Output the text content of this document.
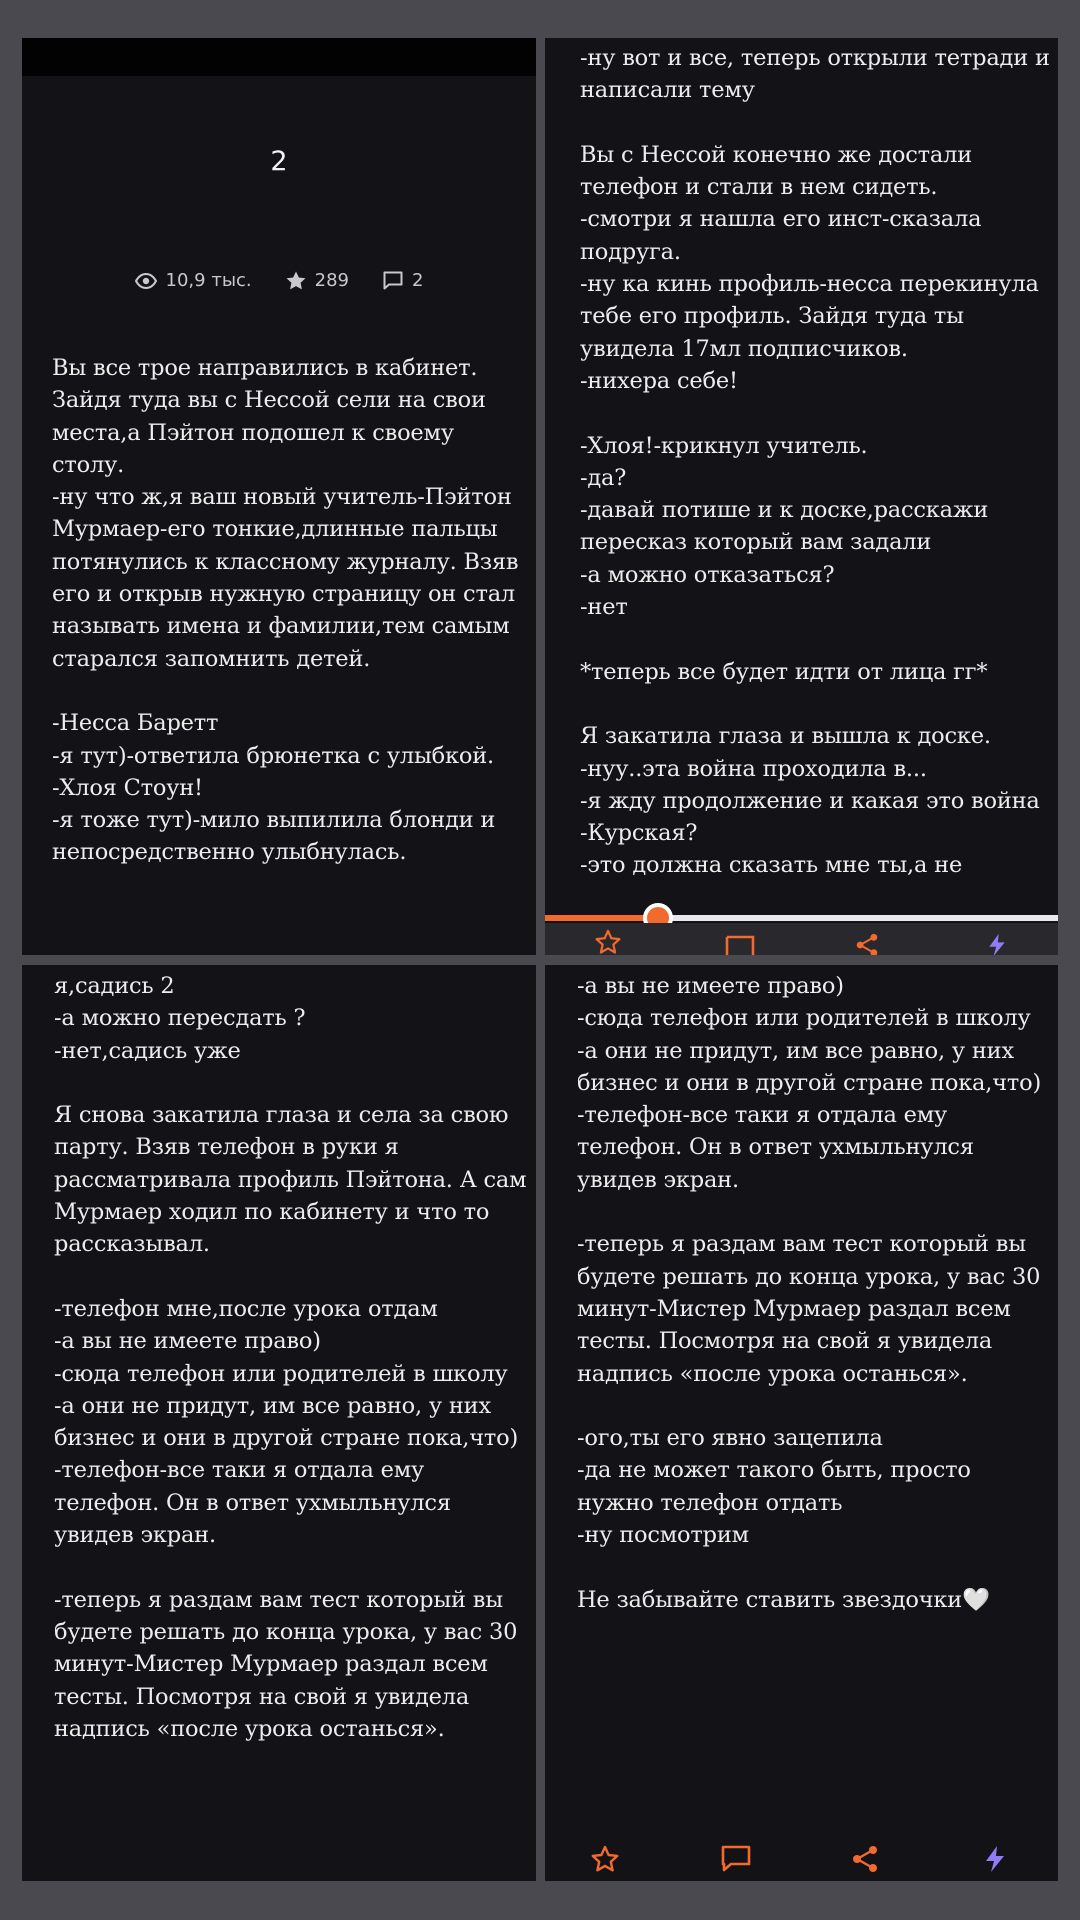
2
10,9 тыс.	289	2

Вы все трое направились в кабинет. Зайдя туда вы с Нессой сели на свои места,а Пэйтон подошел к своему столу.
-ну что ж,я ваш новый учитель-Пэйтон Мурмаер-его тонкие,длинные пальцы потянулись к классному журналу. Взяв его и открыв нужную страницу он стал называть имена и фамилии,тем самым старался запомнить детей.

-Несса Баретт
-я тут)-ответила брюнетка с улыбкой.
-Хлоя Стоун!
-я тоже тут)-мило выпилила блонди и непосредственно улыбнулась.

-ну вот и все, теперь открыли тетради и написали тему

Вы с Нессой конечно же достали телефон и стали в нем сидеть.
-смотри я нашла его инст-сказала подруга.
-ну ка кинь профиль-несса перекинула тебе его профиль. Зайдя туда ты увидела 17мл подписчиков.
-нихера себе!

-Хлоя!-крикнул учитель.
-да?
-давай потише и к доске,расскажи пересказ который вам задали
-а можно отказаться?
-нет

*теперь все будет идти от лица гг*

Я закатила глаза и вышла к доске.
-нуу..эта война проходила в...
-я жду продолжение и какая это война
-Курская?
-это должна сказать мне ты,а не

я,садись 2
-а можно пересдать ?
-нет,садись уже

Я снова закатила глаза и села за свою парту. Взяв телефон в руки я рассматривала профиль Пэйтона. А сам Мурмаер ходил по кабинету и что то рассказывал.

-телефон мне,после урока отдам
-а вы не имеете право)
-сюда телефон или родителей в школу
-а они не придут, им все равно, у них бизнес и они в другой стране пока,что)
-телефон-все таки я отдала ему телефон. Он в ответ ухмыльнулся увидев экран.

-теперь я раздам вам тест который вы будете решать до конца урока, у вас 30 минут-Мистер Мурмаер раздал всем тесты. Посмотря на свой я увидела надпись «после урока останься».

-а вы не имеете право)
-сюда телефон или родителей в школу
-а они не придут, им все равно, у них бизнес и они в другой стране пока,что)
-телефон-все таки я отдала ему телефон. Он в ответ ухмыльнулся увидев экран.

-теперь я раздам вам тест который вы будете решать до конца урока, у вас 30 минут-Мистер Мурмаер раздал всем тесты. Посмотря на свой я увидела надпись «после урока останься».

-ого,ты его явно зацепила
-да не может такого быть, просто нужно телефон отдать
-ну посмотрим

Не забывайте ставить звездочки🤍
